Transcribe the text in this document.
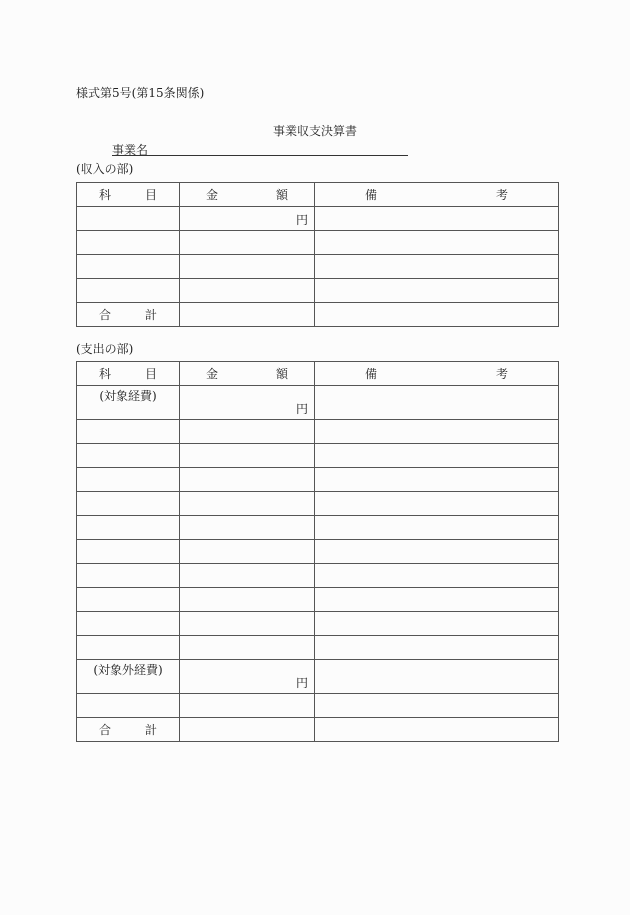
様式第5号(第15条関係)
事業収支決算書
事業名
(収入の部)
科 目	金 額	備 考

	円	

合 計		

(支出の部)
科 目	金 額	備 考

(対象経費)	円	

(対象外経費)	円	

合 計		
